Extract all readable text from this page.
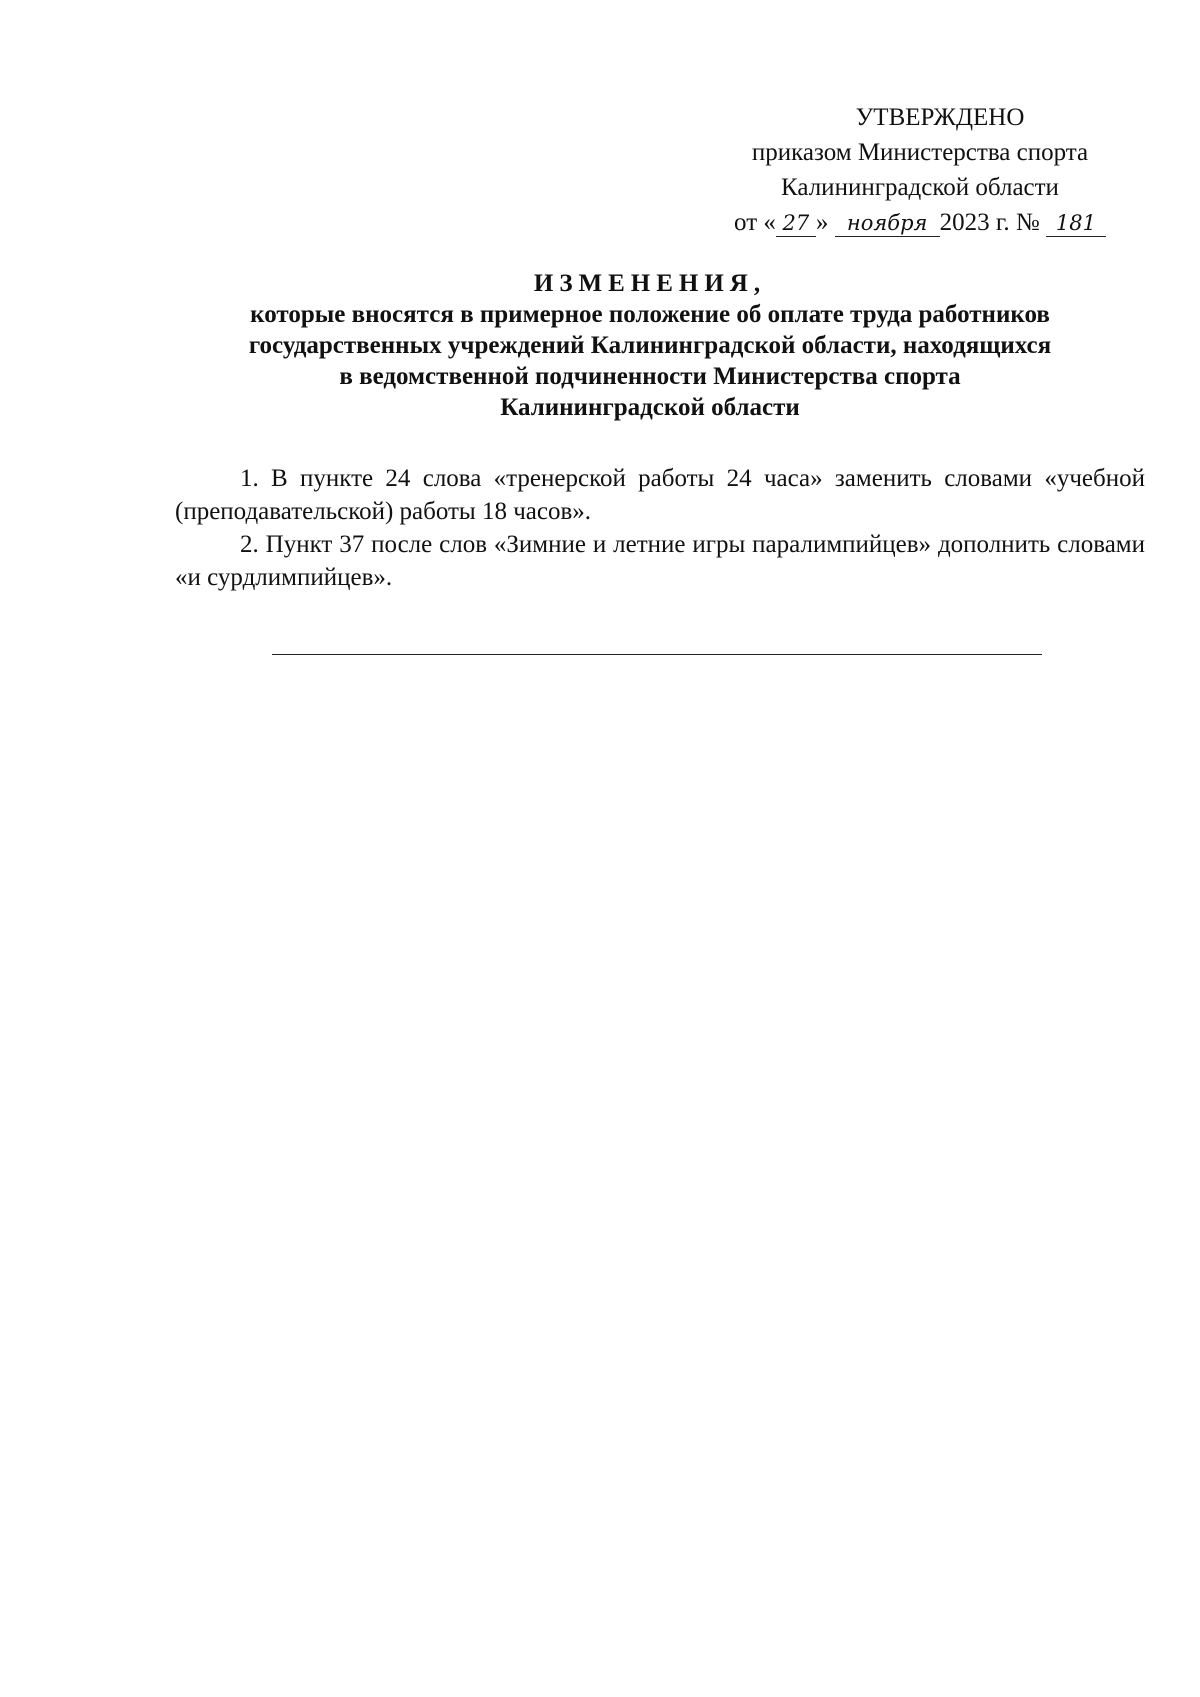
УТВЕРЖДЕНО
приказом Министерства спорта
Калининградской области
от « 27 » ноября 2023 г. № 181
ИЗМЕНЕНИЯ,
которые вносятся в примерное положение об оплате труда работников
государственных учреждений Калининградской области, находящихся
в ведомственной подчиненности Министерства спорта
Калининградской области

1. В пункте 24 слова «тренерской работы 24 часа» заменить словами «учебной (преподавательской) работы 18 часов».

2. Пункт 37 после слов «Зимние и летние игры паралимпийцев» дополнить словами «и сурдлимпийцев».
